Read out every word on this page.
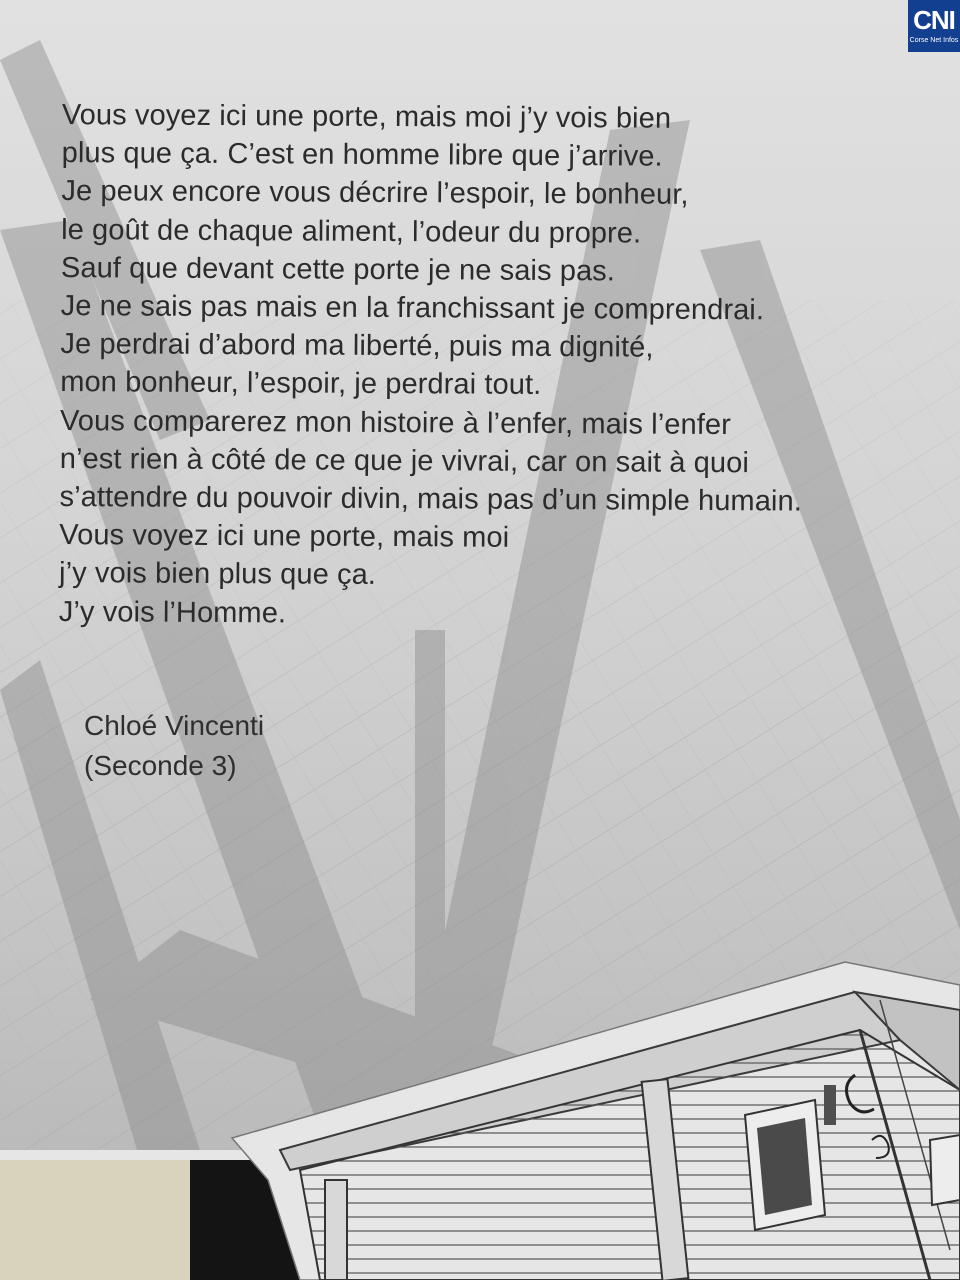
Vous voyez ici une porte, mais moi j’y vois bien
plus que ça. C’est en homme libre que j’arrive.
Je peux encore vous décrire l’espoir, le bonheur,
le goût de chaque aliment, l’odeur du propre.
Sauf que devant cette porte je ne sais pas.
Je ne sais pas mais en la franchissant je comprendrai.
Je perdrai d’abord ma liberté, puis ma dignité,
mon bonheur, l’espoir, je perdrai tout.
Vous comparerez mon histoire à l’enfer, mais l’enfer
n’est rien à côté de ce que je vivrai, car on sait à quoi
s’attendre du pouvoir divin, mais pas d’un simple humain.
Vous voyez ici une porte, mais moi
j’y vois bien plus que ça.
J’y vois l’Homme.

Chloé Vincenti
(Seconde 3)

CNI
Corse Net Infos
